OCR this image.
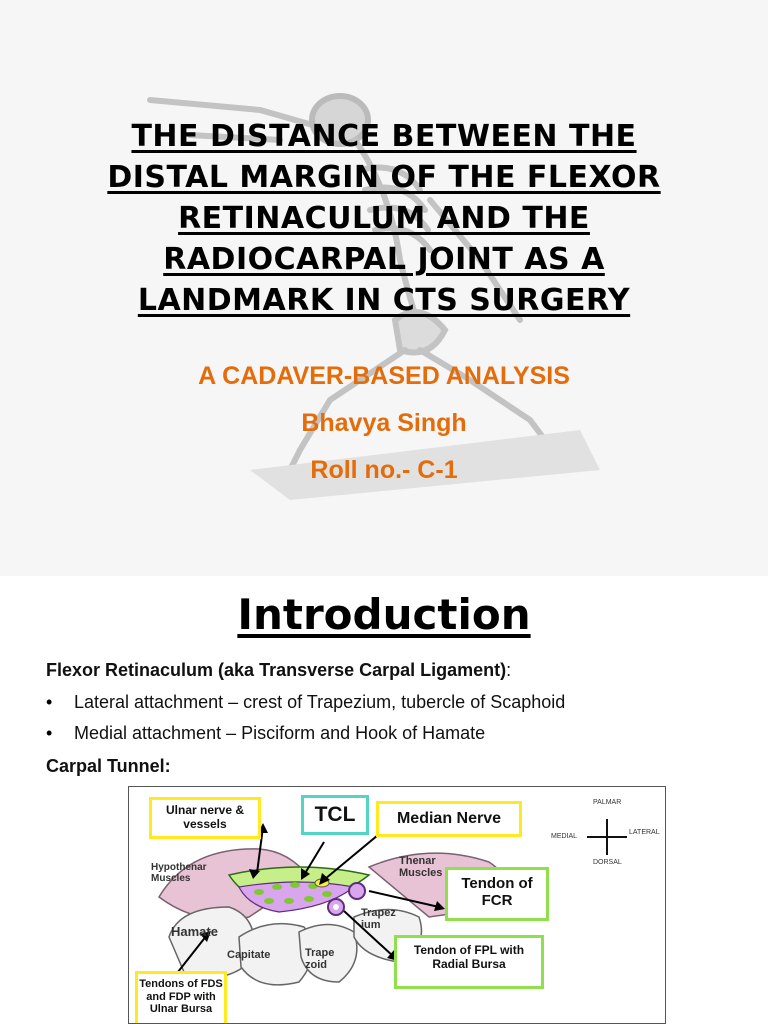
THE DISTANCE BETWEEN THE
DISTAL MARGIN OF THE FLEXOR
RETINACULUM AND THE
RADIOCARPAL JOINT AS A
LANDMARK IN CTS SURGERY
A CADAVER-BASED ANALYSIS
Bhavya Singh
Roll no.- C-1
Introduction
Flexor Retinaculum (aka Transverse Carpal Ligament):
• Lateral attachment – crest of Trapezium, tubercle of Scaphoid
• Medial attachment – Pisciform and Hook of Hamate
Carpal Tunnel:
Ulnar nerve & vessels	TCL	Median Nerve
Hypothenar Muscles
Thenar Muscles
Tendon of FCR
Trapez ium
Hamate
Capitate	Trape zoid
Tendon of FPL with Radial Bursa
Tendons of FDS and FDP with Ulnar Bursa
PALMAR
MEDIAL
LATERAL
DORSAL
